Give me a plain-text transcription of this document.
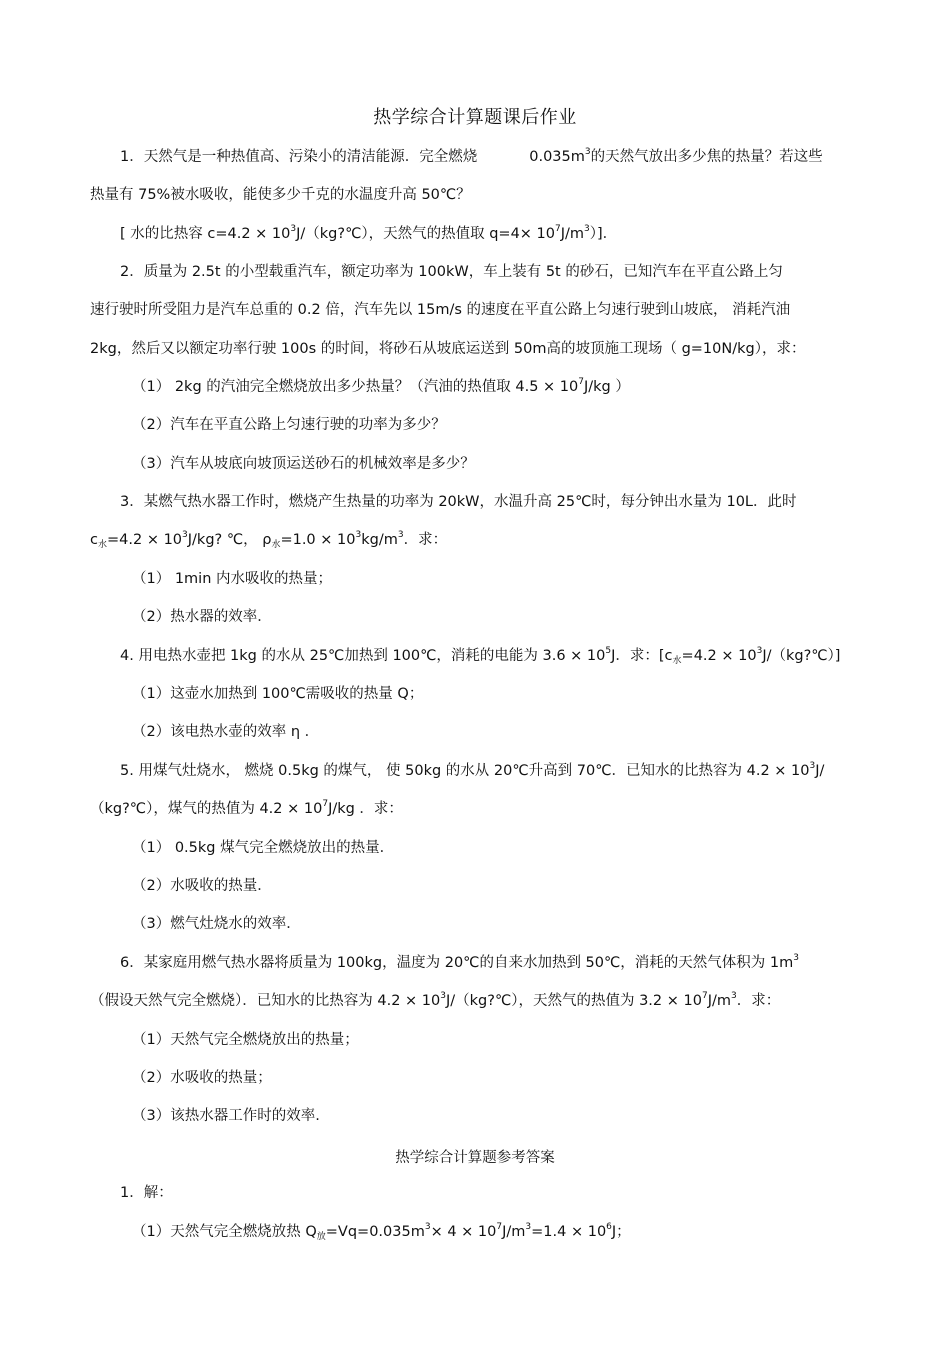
热学综合计算题课后作业
1．天然气是一种热值高、污染小的清洁能源．完全燃烧	$0.035m^3$的天然气放出多少焦的热量？若这些
热量有 75%被水吸收，能使多少千克的水温度升高 50℃？
[ 水的比热容 $c=4.2 \times 10^3J/(kg?℃)$，天然气的热值取 $q=4\times 10^7J/m^3$）]．
2．质量为 2.5t 的小型载重汽车，额定功率为 100kW，车上装有 5t 的砂石，已知汽车在平直公路上匀
速行驶时所受阻力是汽车总重的 0.2 倍，汽车先以 15m/s 的速度在平直公路上匀速行驶到山坡底， 消耗汽油
2kg，然后又以额定功率行驶 100s 的时间，将砂石从坡底运送到 50m高的坡顶施工现场（ g=10N/kg），求：
（1） 2kg 的汽油完全燃烧放出多少热量？（汽油的热值取 $4.5 \times 10^7J/kg$ ）
（2）汽车在平直公路上匀速行驶的功率为多少？
（3）汽车从坡底向坡顶运送砂石的机械效率是多少？
3．某燃气热水器工作时，燃烧产生热量的功率为 20kW，水温升高 25℃时，每分钟出水量为 10L．此时
$c_水=4.2 \times 10^3J/kg$? ℃， $\rho_水=1.0 \times 10^3kg/m^3$．求：
（1） 1min 内水吸收的热量；
（2）热水器的效率．
4. 用电热水壶把 1kg 的水从 25℃加热到 100℃，消耗的电能为 $3.6 \times 10^5J$．求：[$c_水=4.2$ × $10^3J/(kg?℃)$]
（1）这壶水加热到 100℃需吸收的热量 Q；
（2）该电热水壶的效率 η ．
5. 用煤气灶烧水， 燃烧 0.5kg 的煤气， 使 50kg 的水从 20℃升高到 70℃．已知水的比热容为 $4.2 \times 10^3J/$
（kg?℃），煤气的热值为 $4.2 \times 10^7J/kg$ ．求：
（1） 0.5kg 煤气完全燃烧放出的热量．
（2）水吸收的热量．
（3）燃气灶烧水的效率．
6．某家庭用燃气热水器将质量为 100kg，温度为 20℃的自来水加热到 50℃，消耗的天然气体积为 $1m^3$
（假设天然气完全燃烧）．已知水的比热容为 $4.2 \times 10^3J/(kg?℃)$，天然气的热值为 $3.2 \times 10^7J/m^3$．求：
（1）天然气完全燃烧放出的热量；
（2）水吸收的热量；
（3）该热水器工作时的效率.
热学综合计算题参考答案
1．解：
（1）天然气完全燃烧放热 $Q_放=Vq=0.035m^3\times 4 \times 10^7J/m^3=1.4 \times 10^6J$；
